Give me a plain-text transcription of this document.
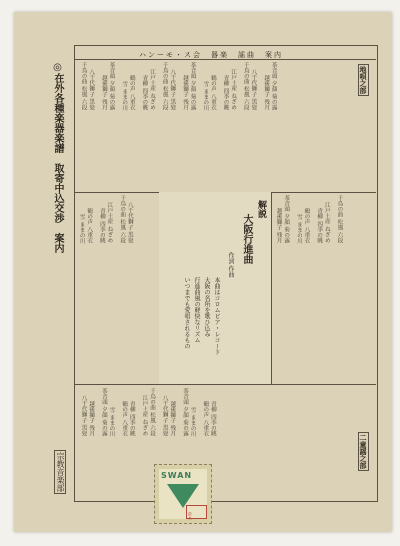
◎在外各種楽器楽譜　取寄中込交渉　案内
宗教音楽部
ハンーモ・ス会　器楽　謡曲　案内
地唄之部
二童謡之部
千鳥の曲 松風 六段 八千代獅子 黒髪 越後獅子 残月 茶音頭 夕顔 菊の露 雪 ままの川 鶴の声 八重衣 青柳 四季の眺 江戸土産 ねざめ 千鳥の曲 松風 六段 八千代獅子 黒髪 越後獅子 残月 茶音頭 夕顔 菊の露 雪 ままの川 鶴の声 八重衣 青柳 四季の眺 江戸土産 ねざめ 千鳥の曲 松風 六段 八千代獅子 黒髪 越後獅子 残月 茶音頭 夕顔 菊の露
雪 ままの川 鶴の声 八重衣 青柳 四季の眺 江戸土産 ねざめ 千鳥の曲 松風 六段 八千代獅子 黒髪	解説
大阪行進曲
作詞 作曲
本曲はコロムビア・レコード
大阪の名所を歌ひ込み
行進曲風の軽快なリズム
いつまでも愛唱されるもの
越後獅子 残月 茶音頭 夕顔 菊の露 雪 ままの川 鶴の声 八重衣 青柳 四季の眺 江戸土産 ねざめ 千鳥の曲 松風 六段
八千代獅子 黒髪 越後獅子 残月 茶音頭 夕顔 菊の露 雪 ままの川 鶴の声 八重衣 青柳 四季の眺 江戸土産 ねざめ 千鳥の曲 松風 六段 八千代獅子 黒髪 越後獅子 残月 茶音頭 夕顔 菊の露 雪 ままの川 鶴の声 八重衣 青柳 四季の眺
SWAN
鈴木
